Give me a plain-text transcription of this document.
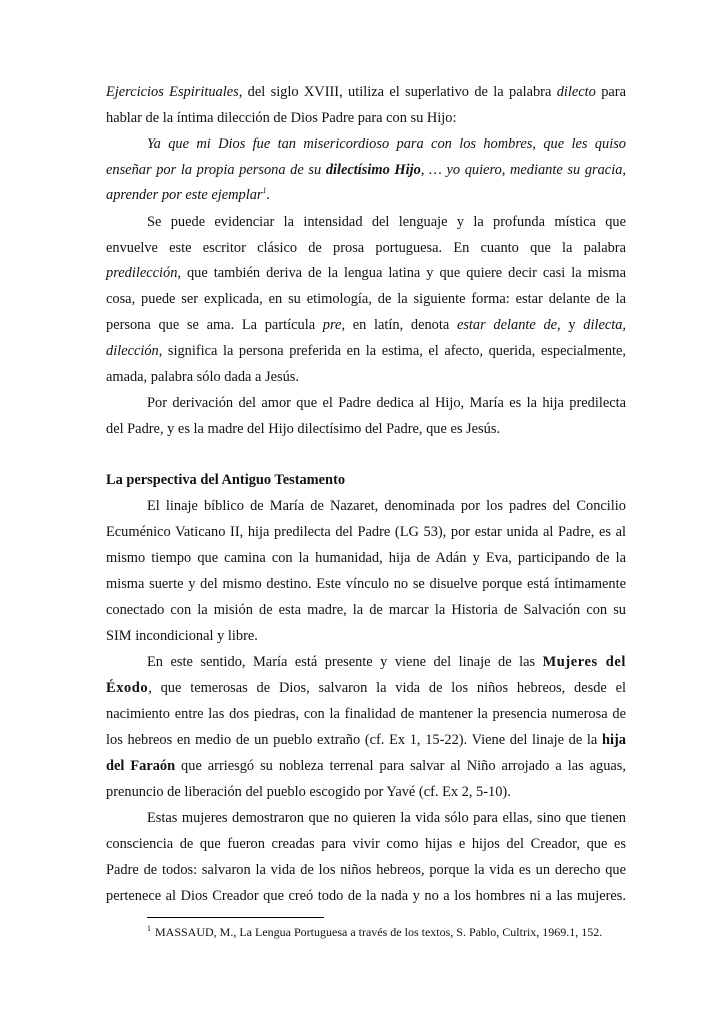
Ejercicios Espirituales, del siglo XVIII, utiliza el superlativo de la palabra dilecto para
hablar de la íntima dilección de Dios Padre para con su Hijo:
Ya que mi Dios fue tan misericordioso para con los hombres, que les quiso
enseñar por la propia persona de su dilectísimo Hijo, … yo quiero, mediante su gracia,
aprender por este ejemplar$^1$.
Se puede evidenciar la intensidad del lenguaje y la profunda mística que
envuelve este escritor clásico de prosa portuguesa. En cuanto que la palabra
predilección, que también deriva de la lengua latina y que quiere decir casi la misma
cosa, puede ser explicada, en su etimología, de la siguiente forma: estar delante de la
persona que se ama. La partícula pre, en latín, denota estar delante de, y dilecta,
dilección, significa la persona preferida en la estima, el afecto, querida, especialmente,
amada, palabra sólo dada a Jesús.
Por derivación del amor que el Padre dedica al Hijo, María es la hija predilecta
del Padre, y es la madre del Hijo dilectísimo del Padre, que es Jesús.
La perspectiva del Antiguo Testamento
El linaje bíblico de María de Nazaret, denominada por los padres del Concilio
Ecuménico Vaticano II, hija predilecta del Padre (LG 53), por estar unida al Padre, es al
mismo tiempo que camina con la humanidad, hija de Adán y Eva, participando de la
misma suerte y del mismo destino. Este vínculo no se disuelve porque está íntimamente
conectado con la misión de esta madre, la de marcar la Historia de Salvación con su
SIM incondicional y libre.
En este sentido, María está presente y viene del linaje de las Mujeres del
Éxodo, que temerosas de Dios, salvaron la vida de los niños hebreos, desde el
nacimiento entre las dos piedras, con la finalidad de mantener la presencia numerosa de
los hebreos en medio de un pueblo extraño (cf. Ex 1, 15-22). Viene del linaje de la hija
del Faraón que arriesgó su nobleza terrenal para salvar al Niño arrojado a las aguas,
prenuncio de liberación del pueblo escogido por Yavé (cf. Ex 2, 5-10).
Estas mujeres demostraron que no quieren la vida sólo para ellas, sino que tienen
consciencia de que fueron creadas para vivir como hijas e hijos del Creador, que es
Padre de todos: salvaron la vida de los niños hebreos, porque la vida es un derecho que
pertenece al Dios Creador que creó todo de la nada y no a los hombres ni a las mujeres.
$^1$ MASSAUD, M., La Lengua Portuguesa a través de los textos, S. Pablo, Cultrix, 1969.1, 152.
